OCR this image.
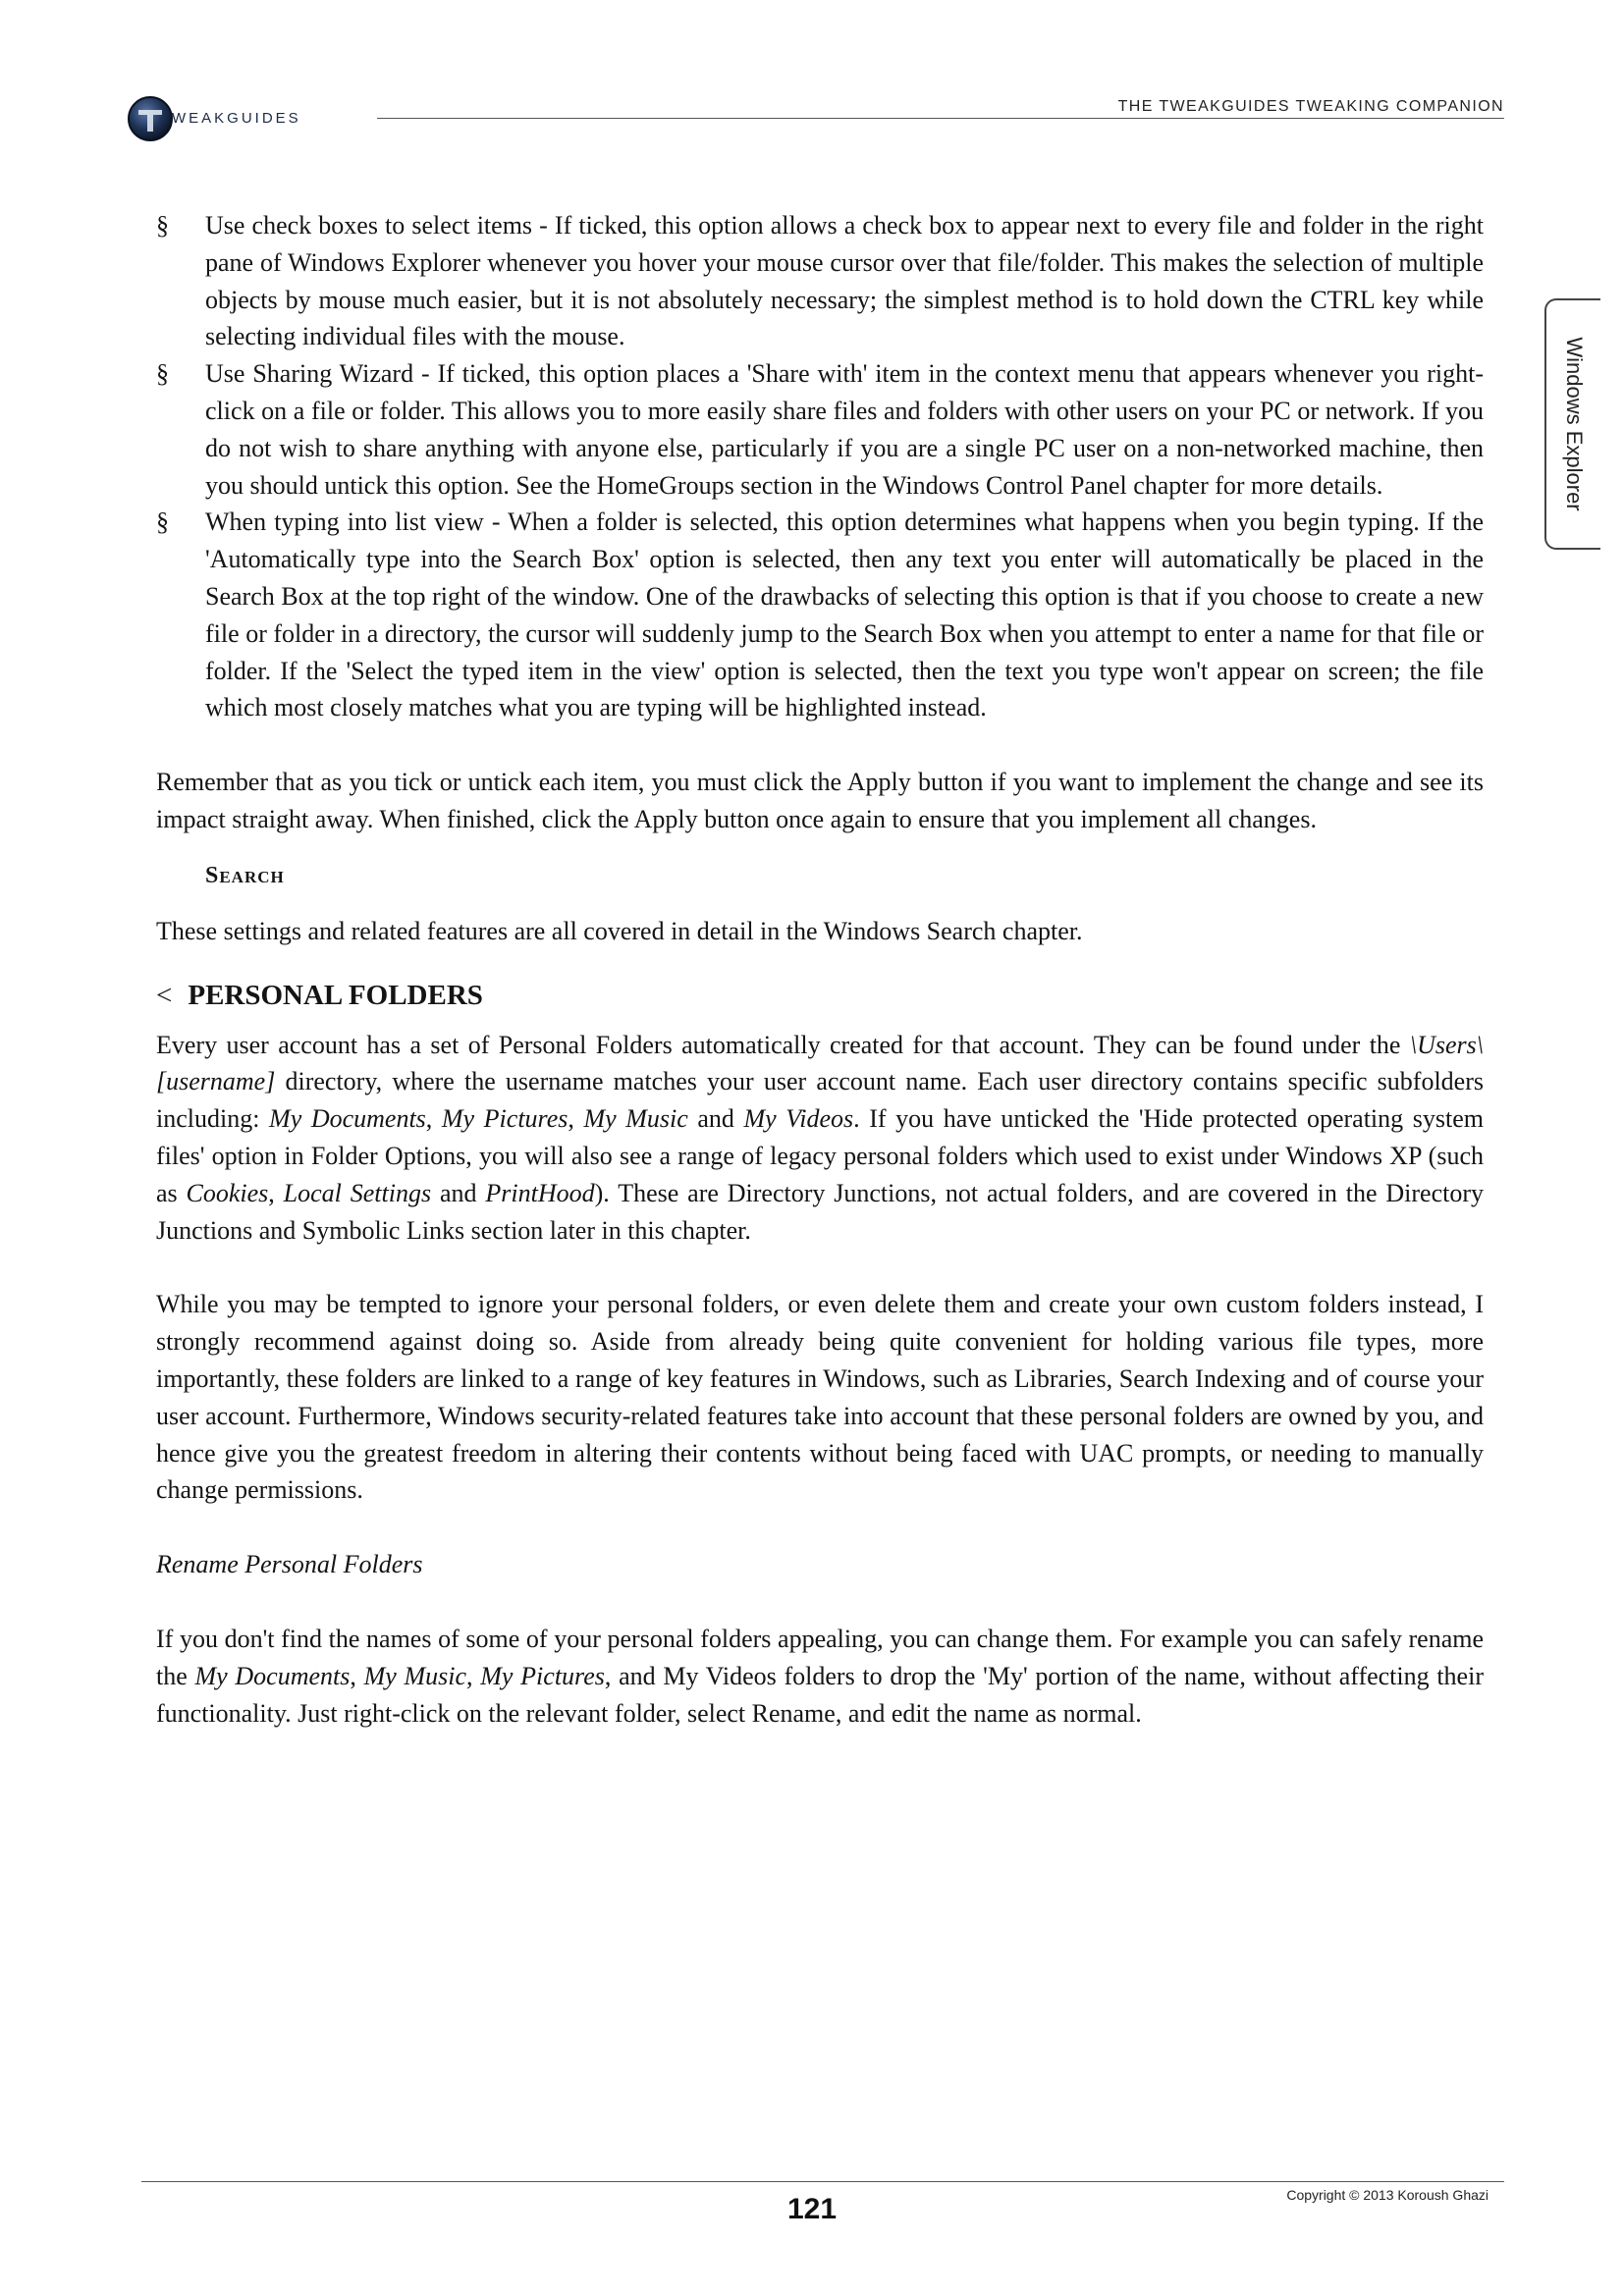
WEAKGUIDES
THE TWEAKGUIDES TWEAKING COMPANION
Windows Explorer
§ Use check boxes to select items - If ticked, this option allows a check box to appear next to every file and folder in the right pane of Windows Explorer whenever you hover your mouse cursor over that file/folder. This makes the selection of multiple objects by mouse much easier, but it is not absolutely necessary; the simplest method is to hold down the CTRL key while selecting individual files with the mouse.
§ Use Sharing Wizard - If ticked, this option places a 'Share with' item in the context menu that appears whenever you right-click on a file or folder. This allows you to more easily share files and folders with other users on your PC or network. If you do not wish to share anything with anyone else, particularly if you are a single PC user on a non-networked machine, then you should untick this option. See the HomeGroups section in the Windows Control Panel chapter for more details.
§ When typing into list view - When a folder is selected, this option determines what happens when you begin typing. If the 'Automatically type into the Search Box' option is selected, then any text you enter will automatically be placed in the Search Box at the top right of the window. One of the drawbacks of selecting this option is that if you choose to create a new file or folder in a directory, the cursor will suddenly jump to the Search Box when you attempt to enter a name for that file or folder. If the 'Select the typed item in the view' option is selected, then the text you type won't appear on screen; the file which most closely matches what you are typing will be highlighted instead.

Remember that as you tick or untick each item, you must click the Apply button if you want to implement the change and see its impact straight away. When finished, click the Apply button once again to ensure that you implement all changes.

Search

These settings and related features are all covered in detail in the Windows Search chapter.

< PERSONAL FOLDERS

Every user account has a set of Personal Folders automatically created for that account. They can be found under the \Users\[username] directory, where the username matches your user account name. Each user directory contains specific subfolders including: My Documents, My Pictures, My Music and My Videos. If you have unticked the 'Hide protected operating system files' option in Folder Options, you will also see a range of legacy personal folders which used to exist under Windows XP (such as Cookies, Local Settings and PrintHood). These are Directory Junctions, not actual folders, and are covered in the Directory Junctions and Symbolic Links section later in this chapter.

While you may be tempted to ignore your personal folders, or even delete them and create your own custom folders instead, I strongly recommend against doing so. Aside from already being quite convenient for holding various file types, more importantly, these folders are linked to a range of key features in Windows, such as Libraries, Search Indexing and of course your user account. Furthermore, Windows security-related features take into account that these personal folders are owned by you, and hence give you the greatest freedom in altering their contents without being faced with UAC prompts, or needing to manually change permissions.

Rename Personal Folders

If you don't find the names of some of your personal folders appealing, you can change them. For example you can safely rename the My Documents, My Music, My Pictures, and My Videos folders to drop the 'My' portion of the name, without affecting their functionality. Just right-click on the relevant folder, select Rename, and edit the name as normal.

Copyright © 2013 Koroush Ghazi
121
